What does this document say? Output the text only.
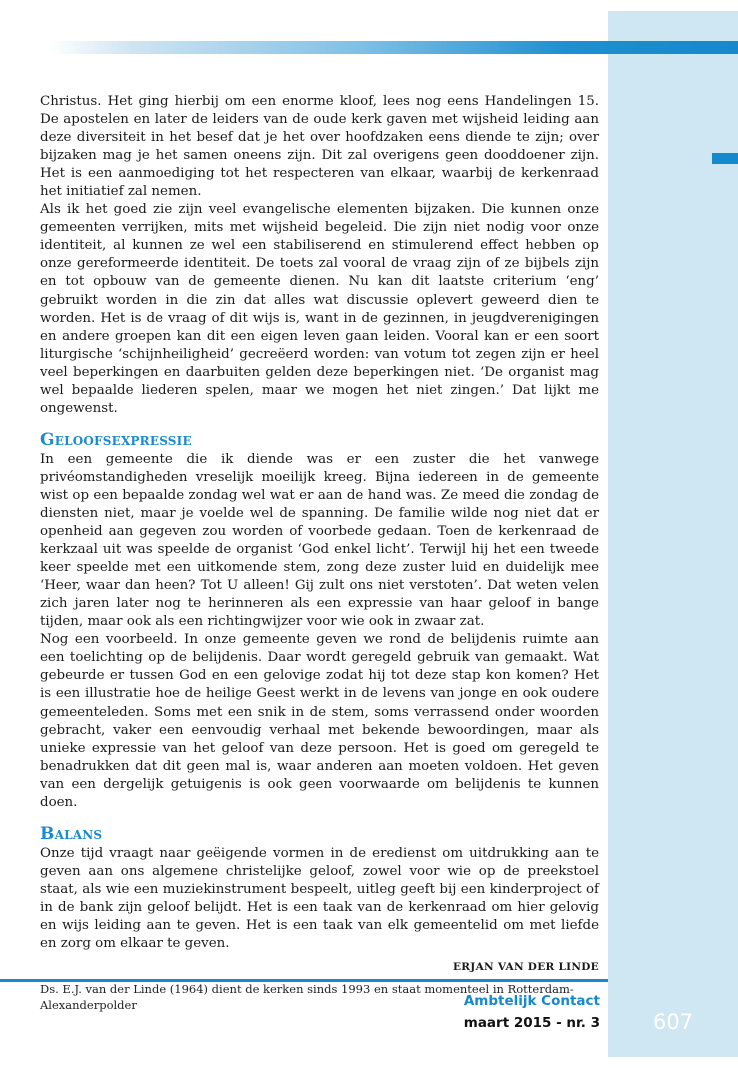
Christus. Het ging hierbij om een enorme kloof, lees nog eens Handelingen 15. De apostelen en later de leiders van de oude kerk gaven met wijsheid leiding aan deze diversiteit in het besef dat je het over hoofdzaken eens diende te zijn; over bijzaken mag je het samen oneens zijn. Dit zal overigens geen dooddoener zijn. Het is een aanmoediging tot het respecteren van elkaar, waarbij de kerkenraad het initiatief zal nemen.

Als ik het goed zie zijn veel evangelische elementen bijzaken. Die kunnen onze gemeenten verrijken, mits met wijsheid begeleid. Die zijn niet nodig voor onze identiteit, al kunnen ze wel een stabiliserend en stimulerend effect hebben op onze gereformeerde identiteit. De toets zal vooral de vraag zijn of ze bijbels zijn en tot opbouw van de gemeente dienen. Nu kan dit laatste criterium ‘eng’ gebruikt worden in die zin dat alles wat discussie oplevert geweerd dien te worden. Het is de vraag of dit wijs is, want in de gezinnen, in jeugdverenigingen en andere groepen kan dit een eigen leven gaan leiden. Vooral kan er een soort liturgische ‘schijnheiligheid’ gecreëerd worden: van votum tot zegen zijn er heel veel beperkingen en daarbuiten gelden deze beperkingen niet. ‘De organist mag wel bepaalde liederen spelen, maar we mogen het niet zingen.’ Dat lijkt me ongewenst.

Geloofsexpressie

In een gemeente die ik diende was er een zuster die het vanwege privéomstandigheden vreselijk moeilijk kreeg. Bijna iedereen in de gemeente wist op een bepaalde zondag wel wat er aan de hand was. Ze meed die zondag de diensten niet, maar je voelde wel de spanning. De familie wilde nog niet dat er openheid aan gegeven zou worden of voorbede gedaan. Toen de kerkenraad de kerkzaal uit was speelde de organist ‘God enkel licht’. Terwijl hij het een tweede keer speelde met een uitkomende stem, zong deze zuster luid en duidelijk mee ‘Heer, waar dan heen? Tot U alleen! Gij zult ons niet verstoten’. Dat weten velen zich jaren later nog te herinneren als een expressie van haar geloof in bange tijden, maar ook als een richtingwijzer voor wie ook in zwaar zat.

Nog een voorbeeld. In onze gemeente geven we rond de belijdenis ruimte aan een toelichting op de belijdenis. Daar wordt geregeld gebruik van gemaakt. Wat gebeurde er tussen God en een gelovige zodat hij tot deze stap kon komen? Het is een illustratie hoe de heilige Geest werkt in de levens van jonge en ook oudere gemeenteleden. Soms met een snik in de stem, soms verrassend onder woorden gebracht, vaker een eenvoudig verhaal met bekende bewoordingen, maar als unieke expressie van het geloof van deze persoon. Het is goed om geregeld te benadrukken dat dit geen mal is, waar anderen aan moeten voldoen. Het geven van een dergelijk getuigenis is ook geen voorwaarde om belijdenis te kunnen doen.

Balans

Onze tijd vraagt naar geëigende vormen in de eredienst om uitdrukking aan te geven aan ons algemene christelijke geloof, zowel voor wie op de preekstoel staat, als wie een muziekinstrument bespeelt, uitleg geeft bij een kinderproject of in de bank zijn geloof belijdt. Het is een taak van de kerkenraad om hier gelovig en wijs leiding aan te geven. Het is een taak van elk gemeentelid om met liefde en zorg om elkaar te geven.

ERJAN VAN DER LINDE

Ds. E.J. van der Linde (1964) dient de kerken sinds 1993 en staat momenteel in Rotterdam-Alexanderpolder	Ambtelijk Contact
maart 2015 - nr. 3	607
